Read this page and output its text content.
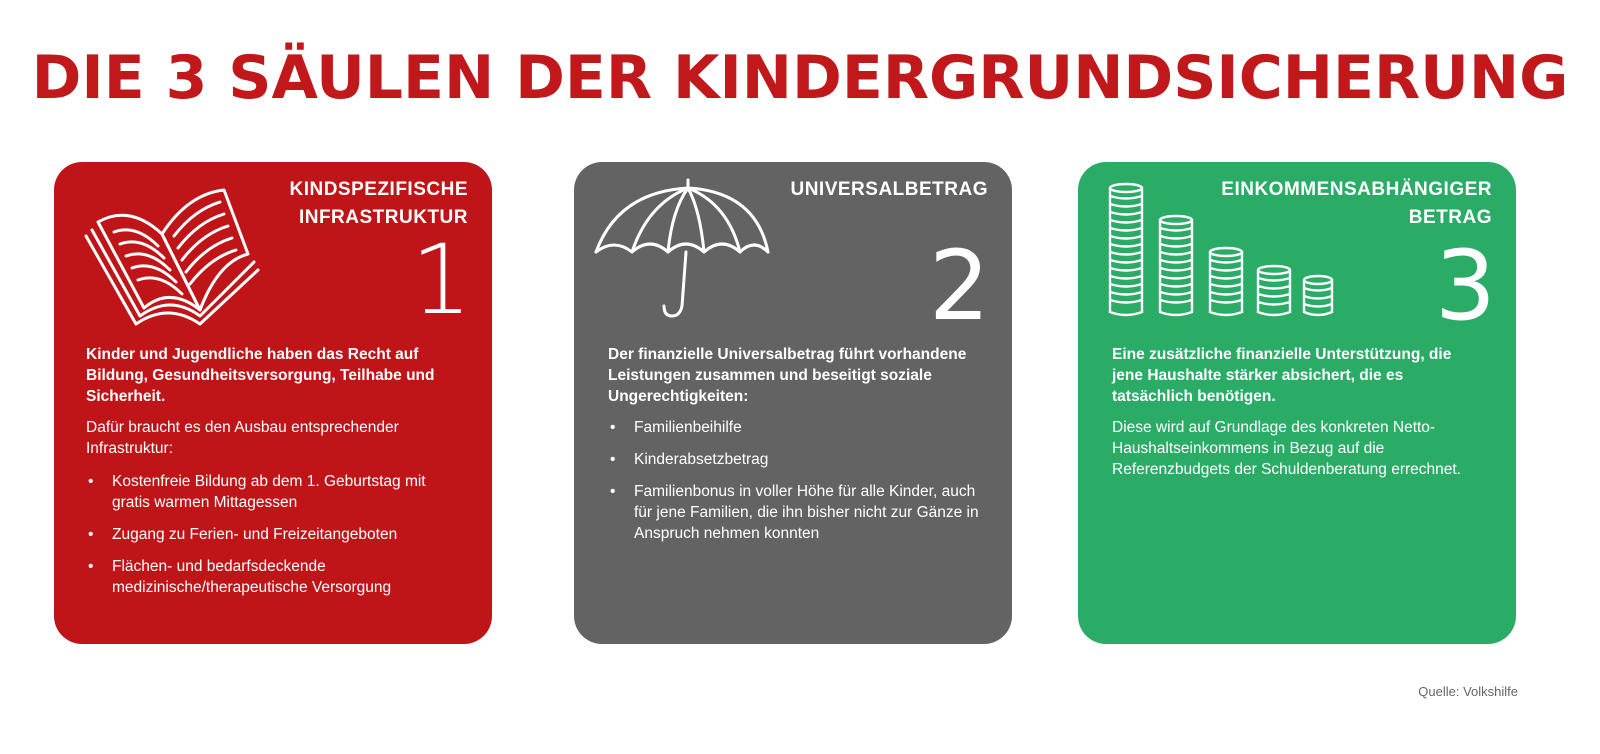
DIE 3 SÄULEN DER KINDERGRUNDSICHERUNG
KINDSPEZIFISCHE
INFRASTRUKTUR
1

Kinder und Jugendliche haben das Recht auf Bildung, Gesundheitsversorgung, Teilhabe und Sicherheit.

Dafür braucht es den Ausbau entsprechender Infrastruktur:

• Kostenfreie Bildung ab dem 1. Geburtstag mit gratis warmen Mittagessen
• Zugang zu Ferien- und Freizeitangeboten
• Flächen- und bedarfsdeckende medizinische/therapeutische Versorgung
UNIVERSALBETRAG
2

Der finanzielle Universalbetrag führt vorhandene Leistungen zusammen und beseitigt soziale Ungerechtigkeiten:

• Familienbeihilfe
• Kinderabsetzbetrag
• Familienbonus in voller Höhe für alle Kinder, auch für jene Familien, die ihn bisher nicht zur Gänze in Anspruch nehmen konnten
EINKOMMENSABHÄNGIGER
BETRAG
3

Eine zusätzliche finanzielle Unterstützung, die jene Haushalte stärker absichert, die es tatsächlich benötigen.

Diese wird auf Grundlage des konkreten Netto-Haushaltseinkommens in Bezug auf die Referenzbudgets der Schuldenberatung errechnet.

Quelle: Volkshilfe
